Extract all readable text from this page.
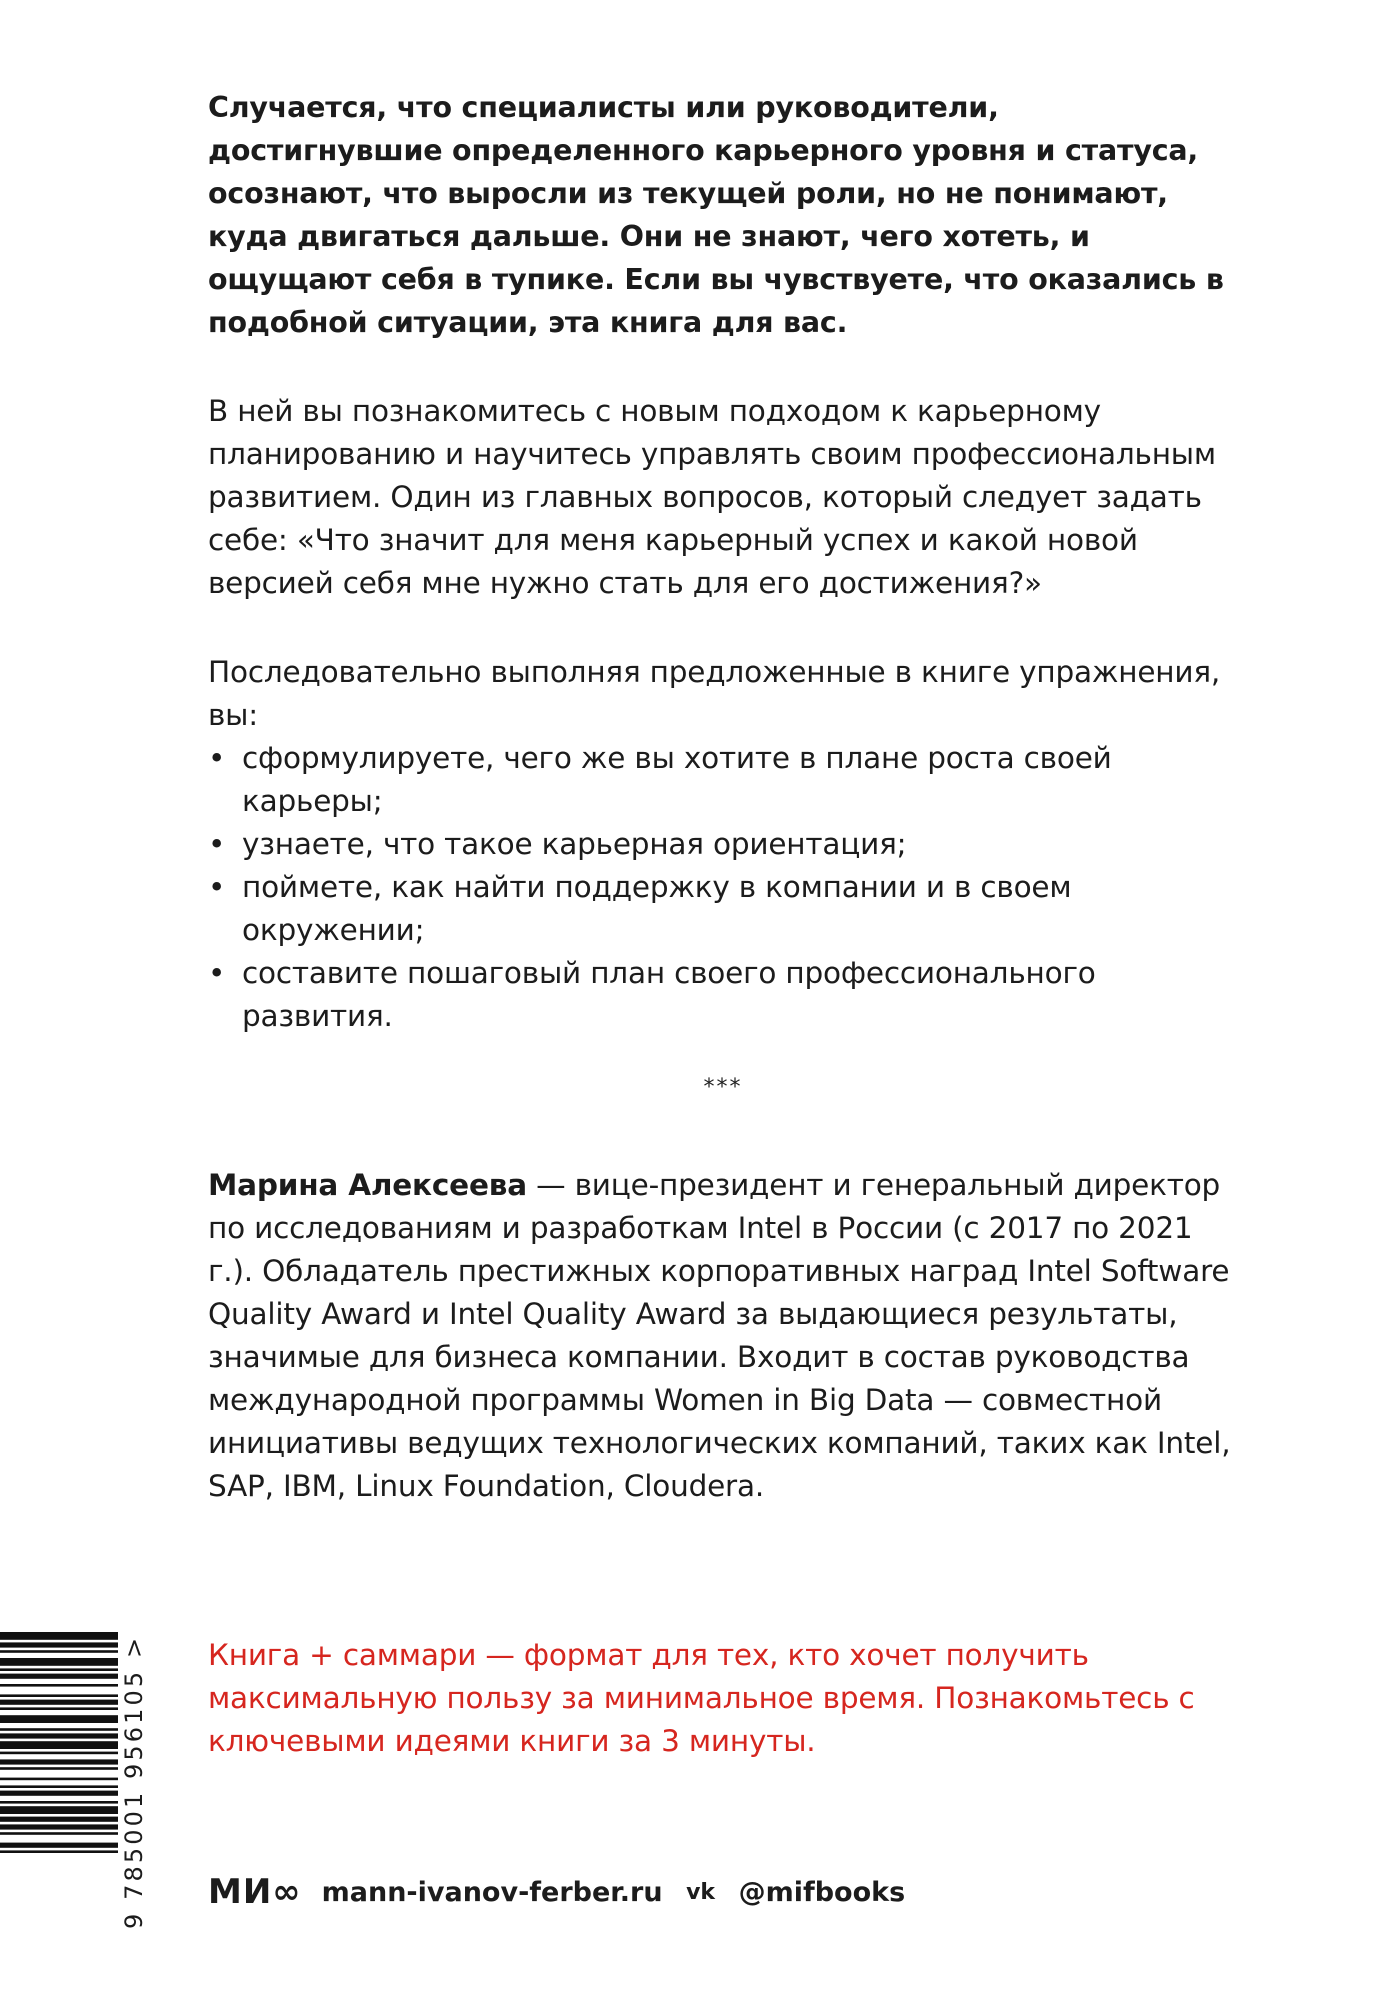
Случается, что специалисты или руководители, достигнувшие определенного карьерного уровня и статуса, осознают, что выросли из текущей роли, но не понимают, куда двигаться дальше. Они не знают, чего хотеть, и ощущают себя в тупике. Если вы чувствуете, что оказались в подобной ситуации, эта книга для вас.

В ней вы познакомитесь с новым подходом к карьерному планированию и научитесь управлять своим профессиональным развитием. Один из главных вопросов, который следует задать себе: «Что значит для меня карьерный успех и какой новой версией себя мне нужно стать для его достижения?»

Последовательно выполняя предложенные в книге упражнения, вы:

• сформулируете, чего же вы хотите в плане роста своей карьеры;
• узнаете, что такое карьерная ориентация;
• поймете, как найти поддержку в компании и в своем окружении;
• составите пошаговый план своего профессионального развития.
***

Марина Алексеева — вице-президент и генеральный директор по исследованиям и разработкам Intel в России (с 2017 по 2021 г.). Обладатель престижных корпоративных наград Intel Software Quality Award и Intel Quality Award за выдающиеся результаты, значимые для бизнеса компании. Входит в состав руководства международной программы Women in Big Data — совместной инициативы ведущих технологических компаний, таких как Intel, SAP, IBM, Linux Foundation, Cloudera.

Книга + саммари — формат для тех, кто хочет получить максимальную пользу за минимальное время. Познакомьтесь с ключевыми идеями книги за 3 минуты.

МИ∞ mann-ivanov-ferber.ru vk @mifbooks
9 785001 956105 >
